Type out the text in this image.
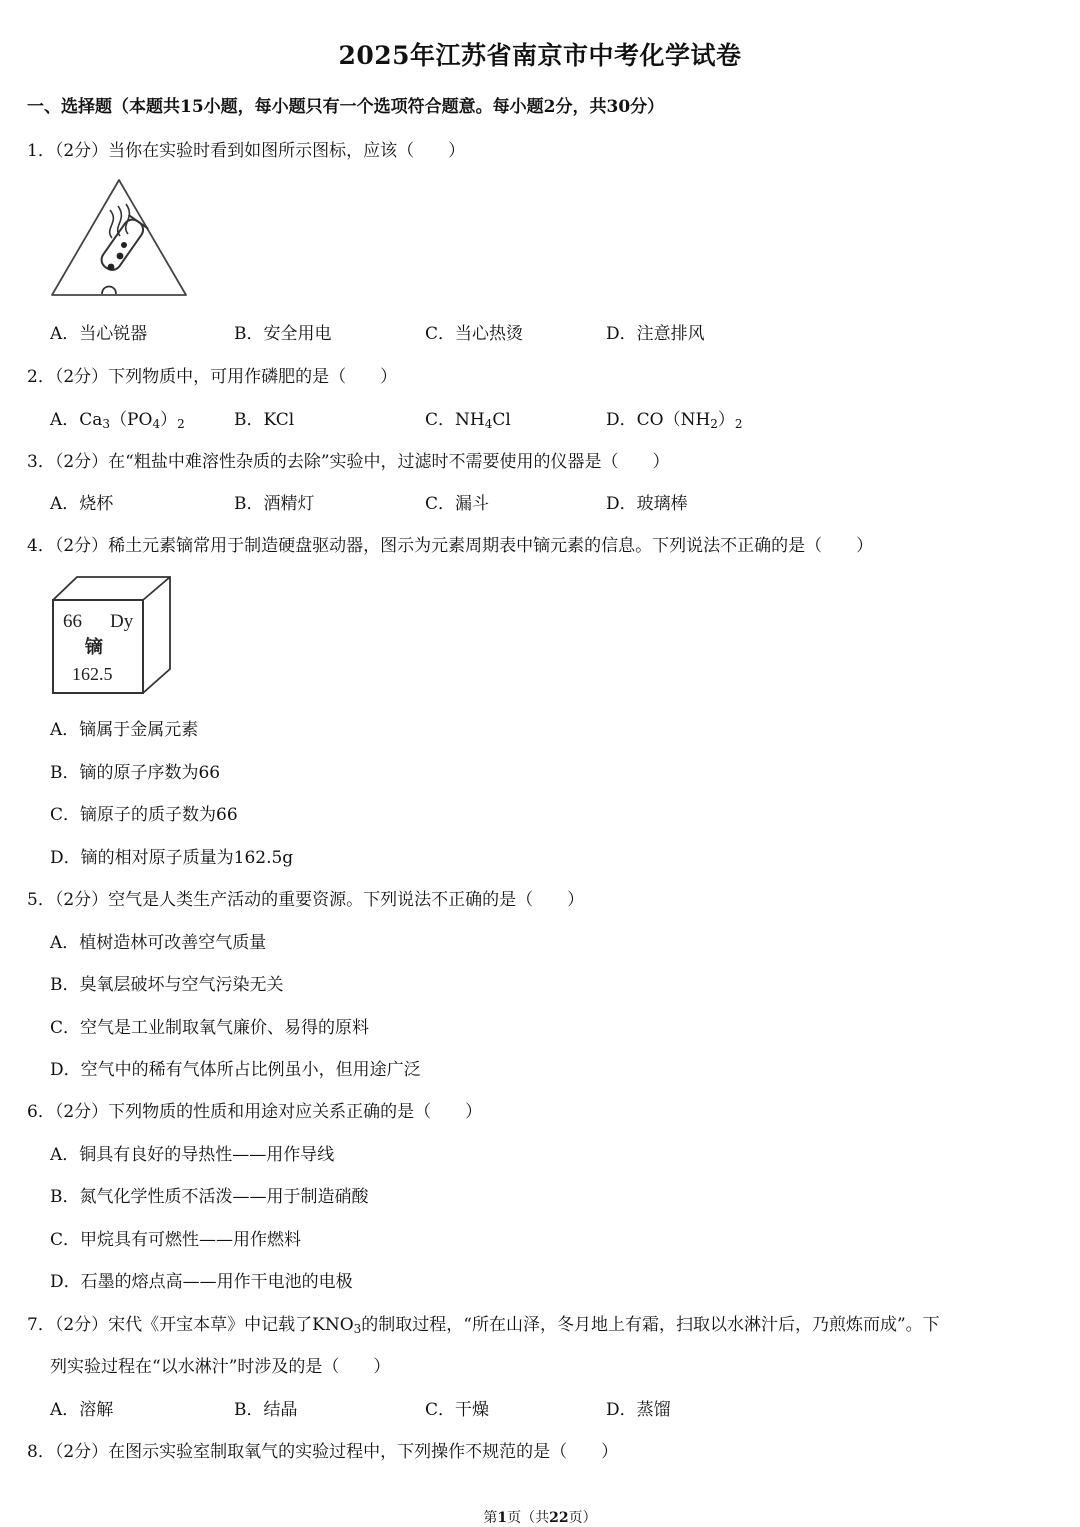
2025年江苏省南京市中考化学试卷
一、选择题（本题共15小题，每小题只有一个选项符合题意。每小题2分，共30分）
1．（2分）当你在实验时看到如图所示图标，应该（　　）
A．当心锐器	B．安全用电	C．当心热烫	D．注意排风
2．（2分）下列物质中，可用作磷肥的是（　　）
A．$Ca_3(PO_4)_2$	B．KCl	C．$NH_4Cl$	D．$CO(NH_2)_2$
3．（2分）在“粗盐中难溶性杂质的去除”实验中，过滤时不需要使用的仪器是（　　）
A．烧杯	B．酒精灯	C．漏斗	D．玻璃棒
4．（2分）稀土元素镝常用于制造硬盘驱动器，图示为元素周期表中镝元素的信息。下列说法不正确的是（　　）
66 Dy
镝
162.5
A．镝属于金属元素
B．镝的原子序数为66
C．镝原子的质子数为66
D．镝的相对原子质量为162.5g
5．（2分）空气是人类生产活动的重要资源。下列说法不正确的是（　　）
A．植树造林可改善空气质量
B．臭氧层破坏与空气污染无关
C．空气是工业制取氧气廉价、易得的原料
D．空气中的稀有气体所占比例虽小，但用途广泛
6．（2分）下列物质的性质和用途对应关系正确的是（　　）
A．铜具有良好的导热性——用作导线
B．氮气化学性质不活泼——用于制造硝酸
C．甲烷具有可燃性——用作燃料
D．石墨的熔点高——用作干电池的电极
7．（2分）宋代《开宝本草》中记载了$KNO_3$的制取过程，“所在山泽，冬月地上有霜，扫取以水淋汁后，乃煎炼而成”。下
列实验过程在“以水淋汁”时涉及的是（　　）
A．溶解	B．结晶	C．干燥	D．蒸馏
8．（2分）在图示实验室制取氧气的实验过程中，下列操作不规范的是（　　）
第1页（共22页）
